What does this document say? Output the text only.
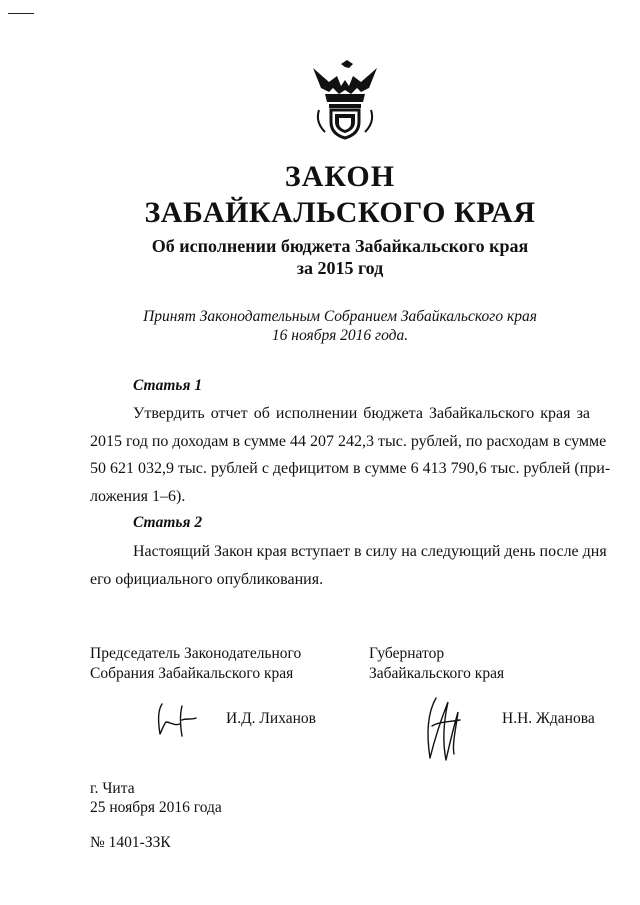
ЗАКОН
ЗАБАЙКАЛЬСКОГО КРАЯ
Об исполнении бюджета Забайкальского края
за 2015 год
Принят Законодательным Собранием Забайкальского края
16 ноября 2016 года.
Статья 1
Утвердить отчет об исполнении бюджета Забайкальского края за
2015 год по доходам в сумме 44 207 242,3 тыс. рублей, по расходам в сумме
50 621 032,9 тыс. рублей с дефицитом в сумме 6 413 790,6 тыс. рублей (при-
ложения 1–6).
Статья 2
Настоящий Закон края вступает в силу на следующий день после дня
его официального опубликования.
Председатель Законодательного
Собрания Забайкальского края
Губернатор
Забайкальского края
И.Д. Лиханов	Н.Н. Жданова
г. Чита
25 ноября 2016 года
№ 1401-ЗЗК
